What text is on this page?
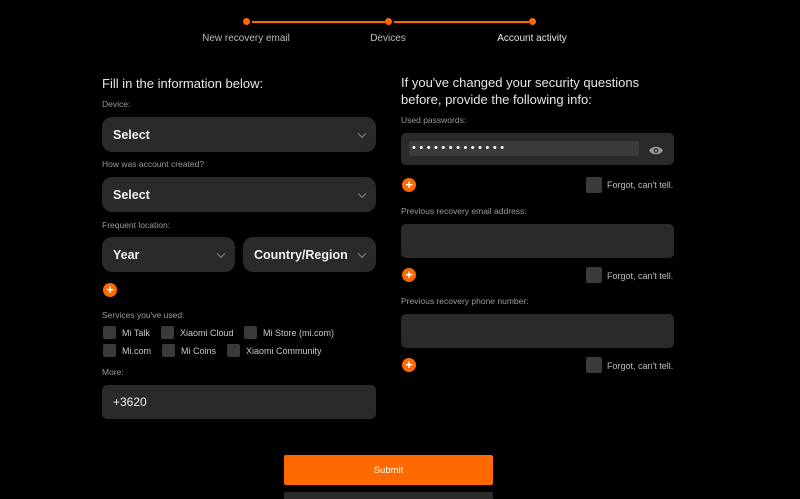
New recovery email	Devices	Account activity
Fill in the information below:
Device:
Select
How was account created?
Select
Frequent location:
Year	Country/Region
+
Services you've used:
Mi Talk	Xiaomi Cloud	Mi Store (mi.com)
Mi.com	Mi Coins	Xiaomi Community
More:
+3620
If you've changed your security questions before, provide the following info:
Used passwords:
•••••••••••••
+	Forgot, can't tell.
Previous recovery email address:
+	Forgot, can't tell.
Previous recovery phone number:
+	Forgot, can't tell.
Submit
